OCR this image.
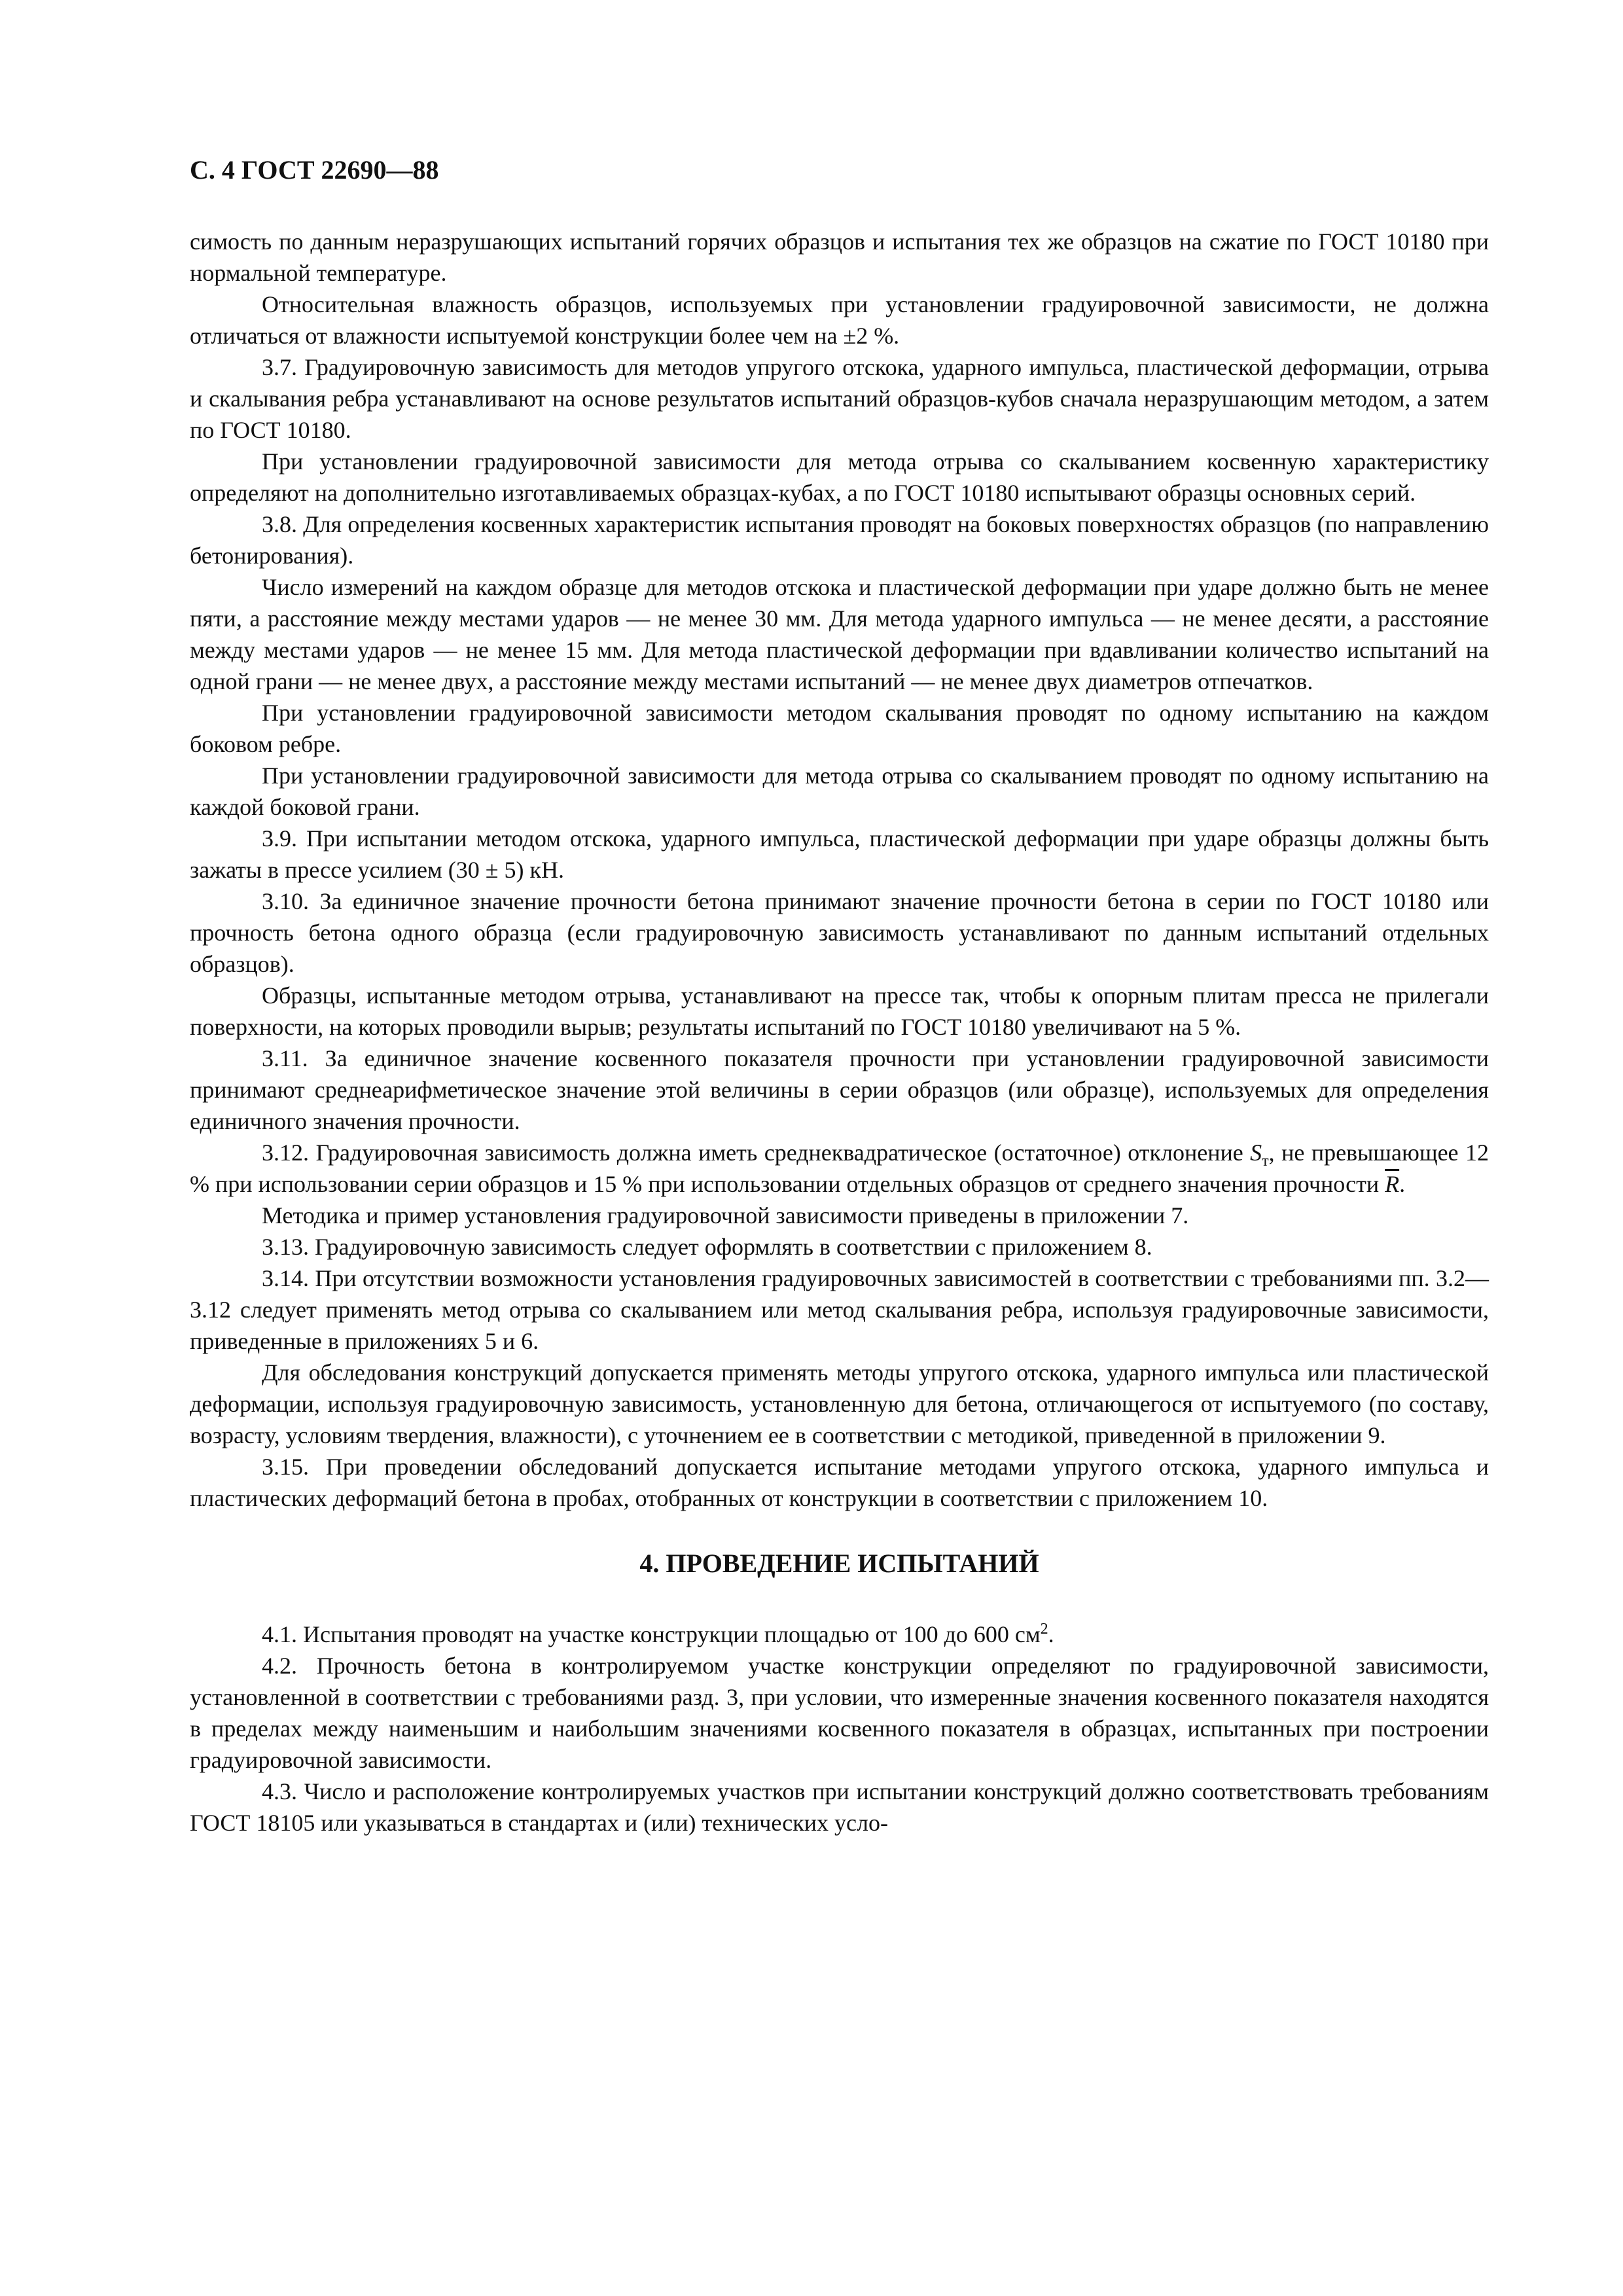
С. 4 ГОСТ 22690—88

симость по данным неразрушающих испытаний горячих образцов и испытания тех же образцов на сжатие по ГОСТ 10180 при нормальной температуре.

Относительная влажность образцов, используемых при установлении градуировочной зависимости, не должна отличаться от влажности испытуемой конструкции более чем на ±2 %.

3.7. Градуировочную зависимость для методов упругого отскока, ударного импульса, пластической деформации, отрыва и скалывания ребра устанавливают на основе результатов испытаний образцов-кубов сначала неразрушающим методом, а затем по ГОСТ 10180.

При установлении градуировочной зависимости для метода отрыва со скалыванием косвенную характеристику определяют на дополнительно изготавливаемых образцах-кубах, а по ГОСТ 10180 испытывают образцы основных серий.

3.8. Для определения косвенных характеристик испытания проводят на боковых поверхностях образцов (по направлению бетонирования).

Число измерений на каждом образце для методов отскока и пластической деформации при ударе должно быть не менее пяти, а расстояние между местами ударов — не менее 30 мм. Для метода ударного импульса — не менее десяти, а расстояние между местами ударов — не менее 15 мм. Для метода пластической деформации при вдавливании количество испытаний на одной грани — не менее двух, а расстояние между местами испытаний — не менее двух диаметров отпечатков.

При установлении градуировочной зависимости методом скалывания проводят по одному испытанию на каждом боковом ребре.

При установлении градуировочной зависимости для метода отрыва со скалыванием проводят по одному испытанию на каждой боковой грани.

3.9. При испытании методом отскока, ударного импульса, пластической деформации при ударе образцы должны быть зажаты в прессе усилием (30 ± 5) кН.

3.10. За единичное значение прочности бетона принимают значение прочности бетона в серии по ГОСТ 10180 или прочность бетона одного образца (если градуировочную зависимость устанавливают по данным испытаний отдельных образцов).

Образцы, испытанные методом отрыва, устанавливают на прессе так, чтобы к опорным плитам пресса не прилегали поверхности, на которых проводили вырыв; результаты испытаний по ГОСТ 10180 увеличивают на 5 %.

3.11. За единичное значение косвенного показателя прочности при установлении градуировочной зависимости принимают среднеарифметическое значение этой величины в серии образцов (или образце), используемых для определения единичного значения прочности.

3.12. Градуировочная зависимость должна иметь среднеквадратическое (остаточное) отклонение $S_т$, не превышающее 12 % при использовании серии образцов и 15 % при использовании отдельных образцов от среднего значения прочности $\overline{R}$.

Методика и пример установления градуировочной зависимости приведены в приложении 7.

3.13. Градуировочную зависимость следует оформлять в соответствии с приложением 8.

3.14. При отсутствии возможности установления градуировочных зависимостей в соответствии с требованиями пп. 3.2—3.12 следует применять метод отрыва со скалыванием или метод скалывания ребра, используя градуировочные зависимости, приведенные в приложениях 5 и 6.

Для обследования конструкций допускается применять методы упругого отскока, ударного импульса или пластической деформации, используя градуировочную зависимость, установленную для бетона, отличающегося от испытуемого (по составу, возрасту, условиям твердения, влажности), с уточнением ее в соответствии с методикой, приведенной в приложении 9.

3.15. При проведении обследований допускается испытание методами упругого отскока, ударного импульса и пластических деформаций бетона в пробах, отобранных от конструкции в соответствии с приложением 10.

4. ПРОВЕДЕНИЕ ИСПЫТАНИЙ

4.1. Испытания проводят на участке конструкции площадью от 100 до 600 $см^2$.

4.2. Прочность бетона в контролируемом участке конструкции определяют по градуировочной зависимости, установленной в соответствии с требованиями разд. 3, при условии, что измеренные значения косвенного показателя находятся в пределах между наименьшим и наибольшим значениями косвенного показателя в образцах, испытанных при построении градуировочной зависимости.

4.3. Число и расположение контролируемых участков при испытании конструкций должно соответствовать требованиям ГОСТ 18105 или указываться в стандартах и (или) технических усло-
